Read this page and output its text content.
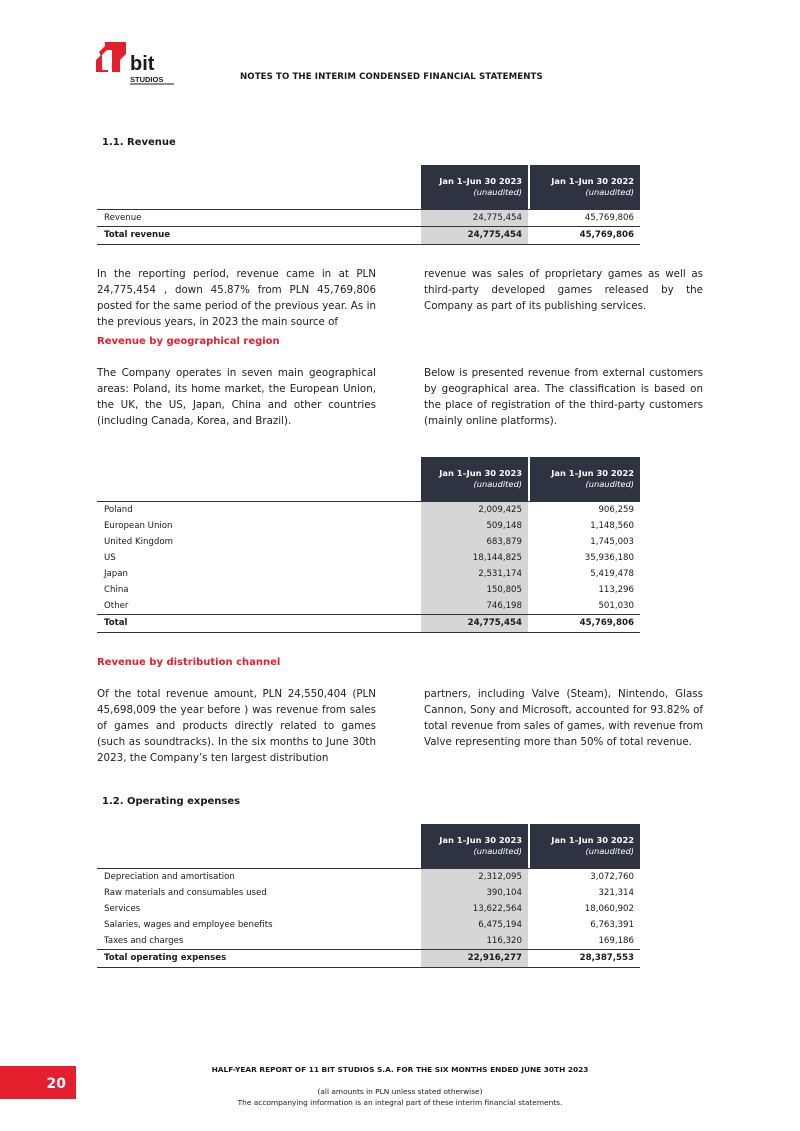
bit
STUDIOS	NOTES TO THE INTERIM CONDENSED FINANCIAL STATEMENTS
1.1. Revenue
Jan 1–Jun 30 2023
(unaudited)
Jan 1–Jun 30 2022
(unaudited)
Revenue	24,775,454	45,769,806
Total revenue	24,775,454	45,769,806
In the reporting period, revenue came in at PLN 24,775,454 , down 45.87% from PLN 45,769,806 posted for the same period of the previous year. As in the previous years, in 2023 the main source of
revenue was sales of proprietary games as well as third-party developed games released by the Company as part of its publishing services.
Revenue by geographical region
The Company operates in seven main geographical areas: Poland, its home market, the European Union, the UK, the US, Japan, China and other countries (including Canada, Korea, and Brazil).
Below is presented revenue from external customers by geographical area. The classification is based on the place of registration of the third-party customers (mainly online platforms).
Jan 1–Jun 30 2023
(unaudited)
Jan 1–Jun 30 2022
(unaudited)
Poland	2,009,425	906,259
European Union	509,148	1,148,560
United Kingdom	683,879	1,745,003
US	18,144,825	35,936,180
Japan	2,531,174	5,419,478
China	150,805	113,296
Other	746,198	501,030
Total	24,775,454	45,769,806
Revenue by distribution channel
Of the total revenue amount, PLN 24,550,404 (PLN 45,698,009 the year before ) was revenue from sales of games and products directly related to games (such as soundtracks). In the six months to June 30th 2023, the Company’s ten largest distribution
partners, including Valve (Steam), Nintendo, Glass Cannon, Sony and Microsoft, accounted for 93.82% of total revenue from sales of games, with revenue from Valve representing more than 50% of total revenue.
1.2. Operating expenses
Jan 1–Jun 30 2023
(unaudited)
Jan 1–Jun 30 2022
(unaudited)
Depreciation and amortisation	2,312,095	3,072,760
Raw materials and consumables used	390,104	321,314
Services	13,622,564	18,060,902
Salaries, wages and employee benefits	6,475,194	6,763,391
Taxes and charges	116,320	169,186
Total operating expenses	22,916,277	28,387,553
20
HALF-YEAR REPORT OF 11 BIT STUDIOS S.A. FOR THE SIX MONTHS ENDED JUNE 30TH 2023
(all amounts in PLN unless stated otherwise)
The accompanying information is an integral part of these interim financial statements.
